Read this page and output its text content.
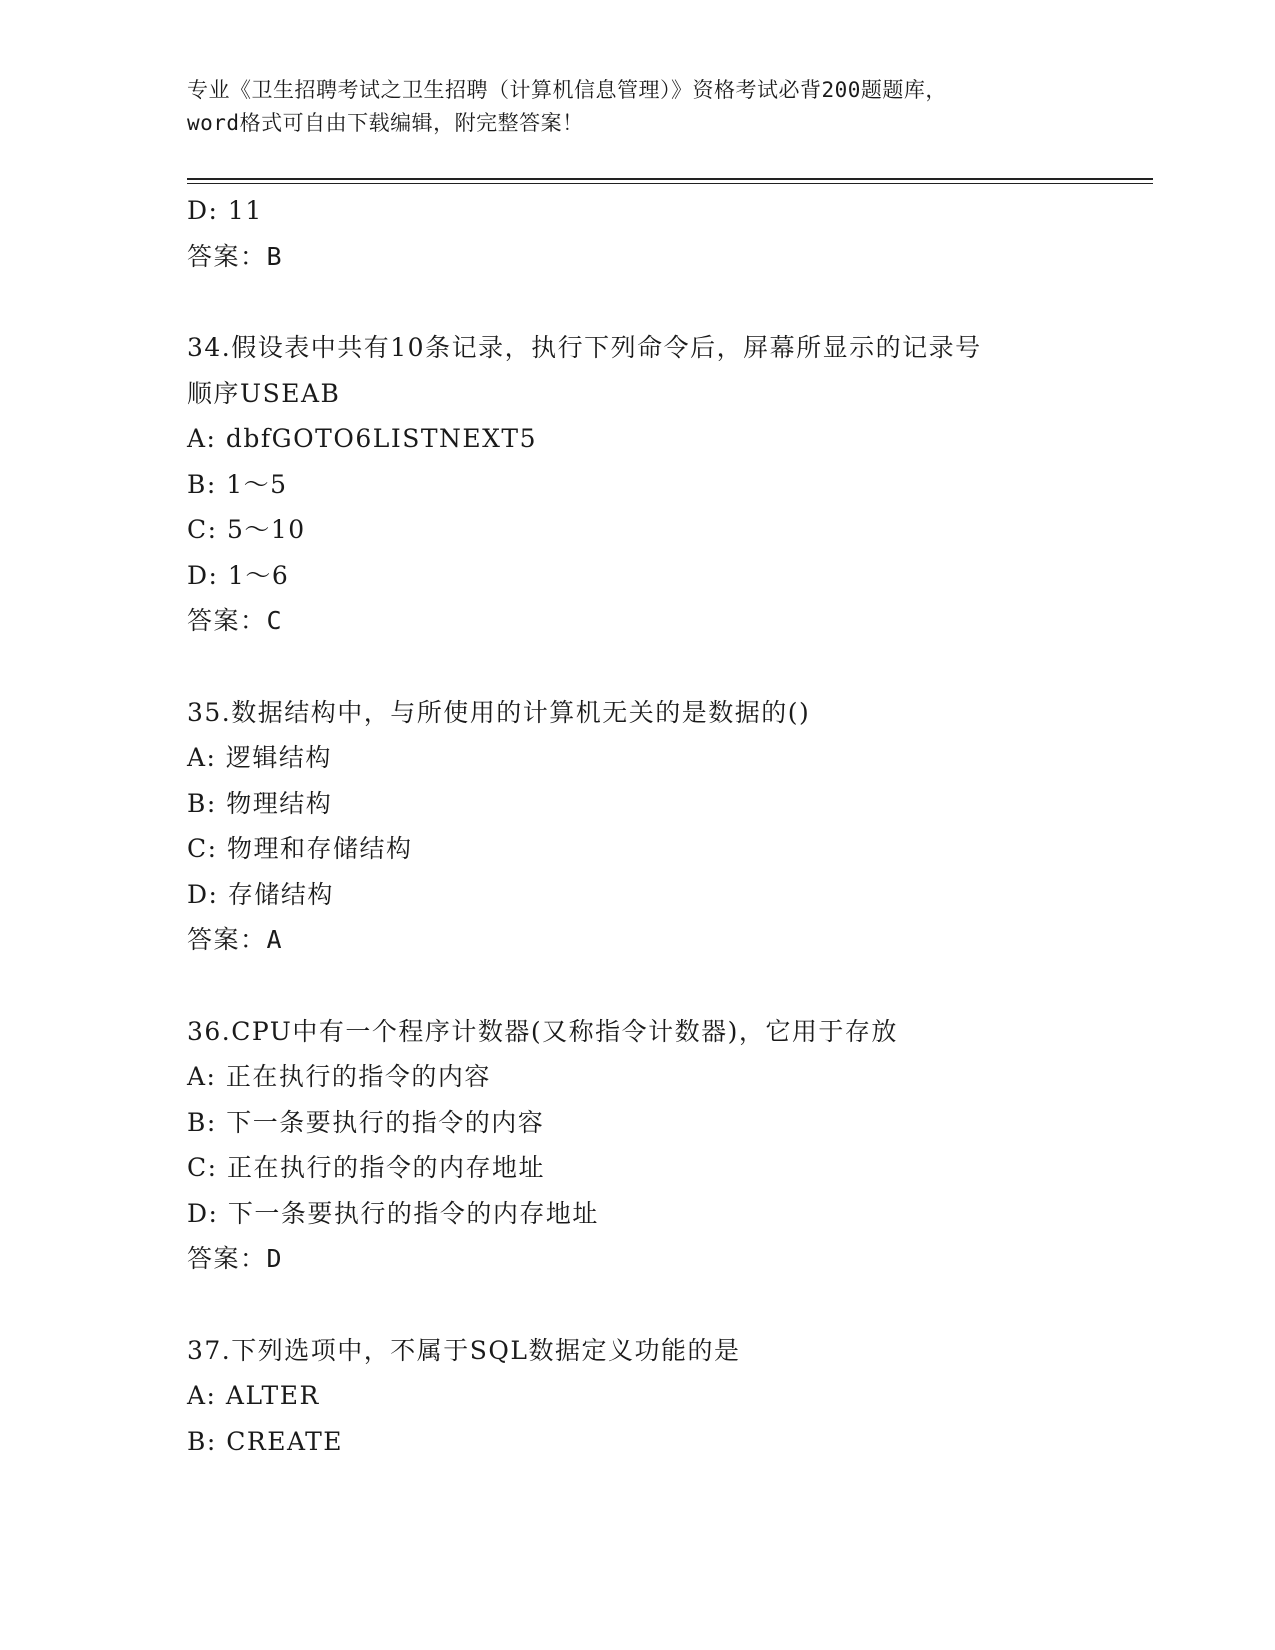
专业《卫生招聘考试之卫生招聘（计算机信息管理）》资格考试必背200题题库，
word格式可自由下载编辑，附完整答案！
D: 11
答案：B
34.假设表中共有10条记录，执行下列命令后，屏幕所显示的记录号
顺序USEAB
A: dbfGOTO6LISTNEXT5
B: 1～5
C: 5～10
D: 1～6
答案：C
35.数据结构中，与所使用的计算机无关的是数据的()
A: 逻辑结构
B: 物理结构
C: 物理和存储结构
D: 存储结构
答案：A
36.CPU中有一个程序计数器(又称指令计数器)，它用于存放
A: 正在执行的指令的内容
B: 下一条要执行的指令的内容
C: 正在执行的指令的内存地址
D: 下一条要执行的指令的内存地址
答案：D
37.下列选项中，不属于SQL数据定义功能的是
A: ALTER
B: CREATE
